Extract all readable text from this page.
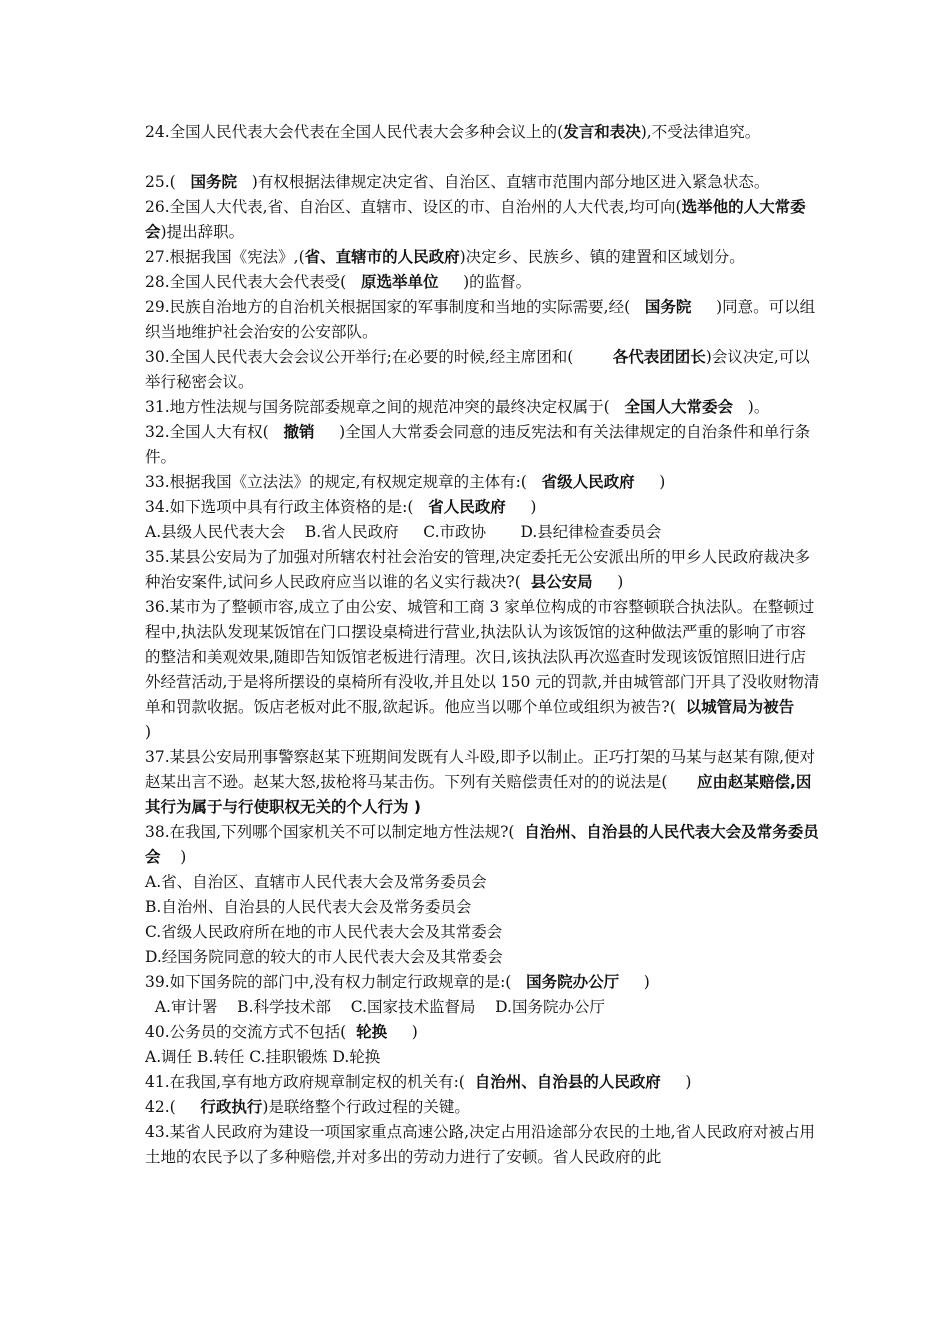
24.全国人民代表大会代表在全国人民代表大会多种会议上的(发言和表决),不受法律追究。

25.(   国务院   )有权根据法律规定决定省、自治区、直辖市范围内部分地区进入紧急状态。

26.全国人大代表,省、自治区、直辖市、设区的市、自治州的人大代表,均可向(选举他的人大常委会)提出辞职。

27.根据我国《宪法》,(省、直辖市的人民政府)决定乡、民族乡、镇的建置和区域划分。

28.全国人民代表大会代表受(   原选举单位     )的监督。

29.民族自治地方的自治机关根据国家的军事制度和当地的实际需要,经(   国务院     )同意。可以组织当地维护社会治安的公安部队。

30.全国人民代表大会会议公开举行;在必要的时候,经主席团和(        各代表团团长)会议决定,可以举行秘密会议。

31.地方性法规与国务院部委规章之间的规范冲突的最终决定权属于(   全国人大常委会   )。

32.全国人大有权(   撤销     )全国人大常委会同意的违反宪法和有关法律规定的自治条件和单行条件。

33.根据我国《立法法》的规定,有权规定规章的主体有:(   省级人民政府     )

34.如下选项中具有行政主体资格的是:(   省人民政府     )

A.县级人民代表大会    B.省人民政府     C.市政协       D.县纪律检查委员会

35.某县公安局为了加强对所辖农村社会治安的管理,决定委托无公安派出所的甲乡人民政府裁决多种治安案件,试问乡人民政府应当以谁的名义实行裁决?(  县公安局     )

36.某市为了整顿市容,成立了由公安、城管和工商 3 家单位构成的市容整顿联合执法队。在整顿过程中,执法队发现某饭馆在门口摆设桌椅进行营业,执法队认为该饭馆的这种做法严重的影响了市容的整洁和美观效果,随即告知饭馆老板进行清理。次日,该执法队再次巡查时发现该饭馆照旧进行店外经营活动,于是将所摆设的桌椅所有没收,并且处以 150 元的罚款,并由城管部门开具了没收财物清单和罚款收据。饭店老板对此不服,欲起诉。他应当以哪个单位或组织为被告?(  以城管局为被告     )

37.某县公安局刑事警察赵某下班期间发既有人斗殴,即予以制止。正巧打架的马某与赵某有隙,便对赵某出言不逊。赵某大怒,拔枪将马某击伤。下列有关赔偿责任对的的说法是(      应由赵某赔偿,因其行为属于与行使职权无关的个人行为 )

38.在我国,下列哪个国家机关不可以制定地方性法规?(  自治州、自治县的人民代表大会及常务委员会    )

A.省、自治区、直辖市人民代表大会及常务委员会

B.自治州、自治县的人民代表大会及常务委员会

C.省级人民政府所在地的市人民代表大会及其常委会

D.经国务院同意的较大的市人民代表大会及其常委会

39.如下国务院的部门中,没有权力制定行政规章的是:(   国务院办公厅     )

A.审计署    B.科学技术部    C.国家技术监督局    D.国务院办公厅

40.公务员的交流方式不包括(  轮换     )

A.调任 B.转任 C.挂职锻炼 D.轮换

41.在我国,享有地方政府规章制定权的机关有:(  自治州、自治县的人民政府     )

42.(     行政执行)是联络整个行政过程的关键。

43.某省人民政府为建设一项国家重点高速公路,决定占用沿途部分农民的土地,省人民政府对被占用土地的农民予以了多种赔偿,并对多出的劳动力进行了安顿。省人民政府的此
